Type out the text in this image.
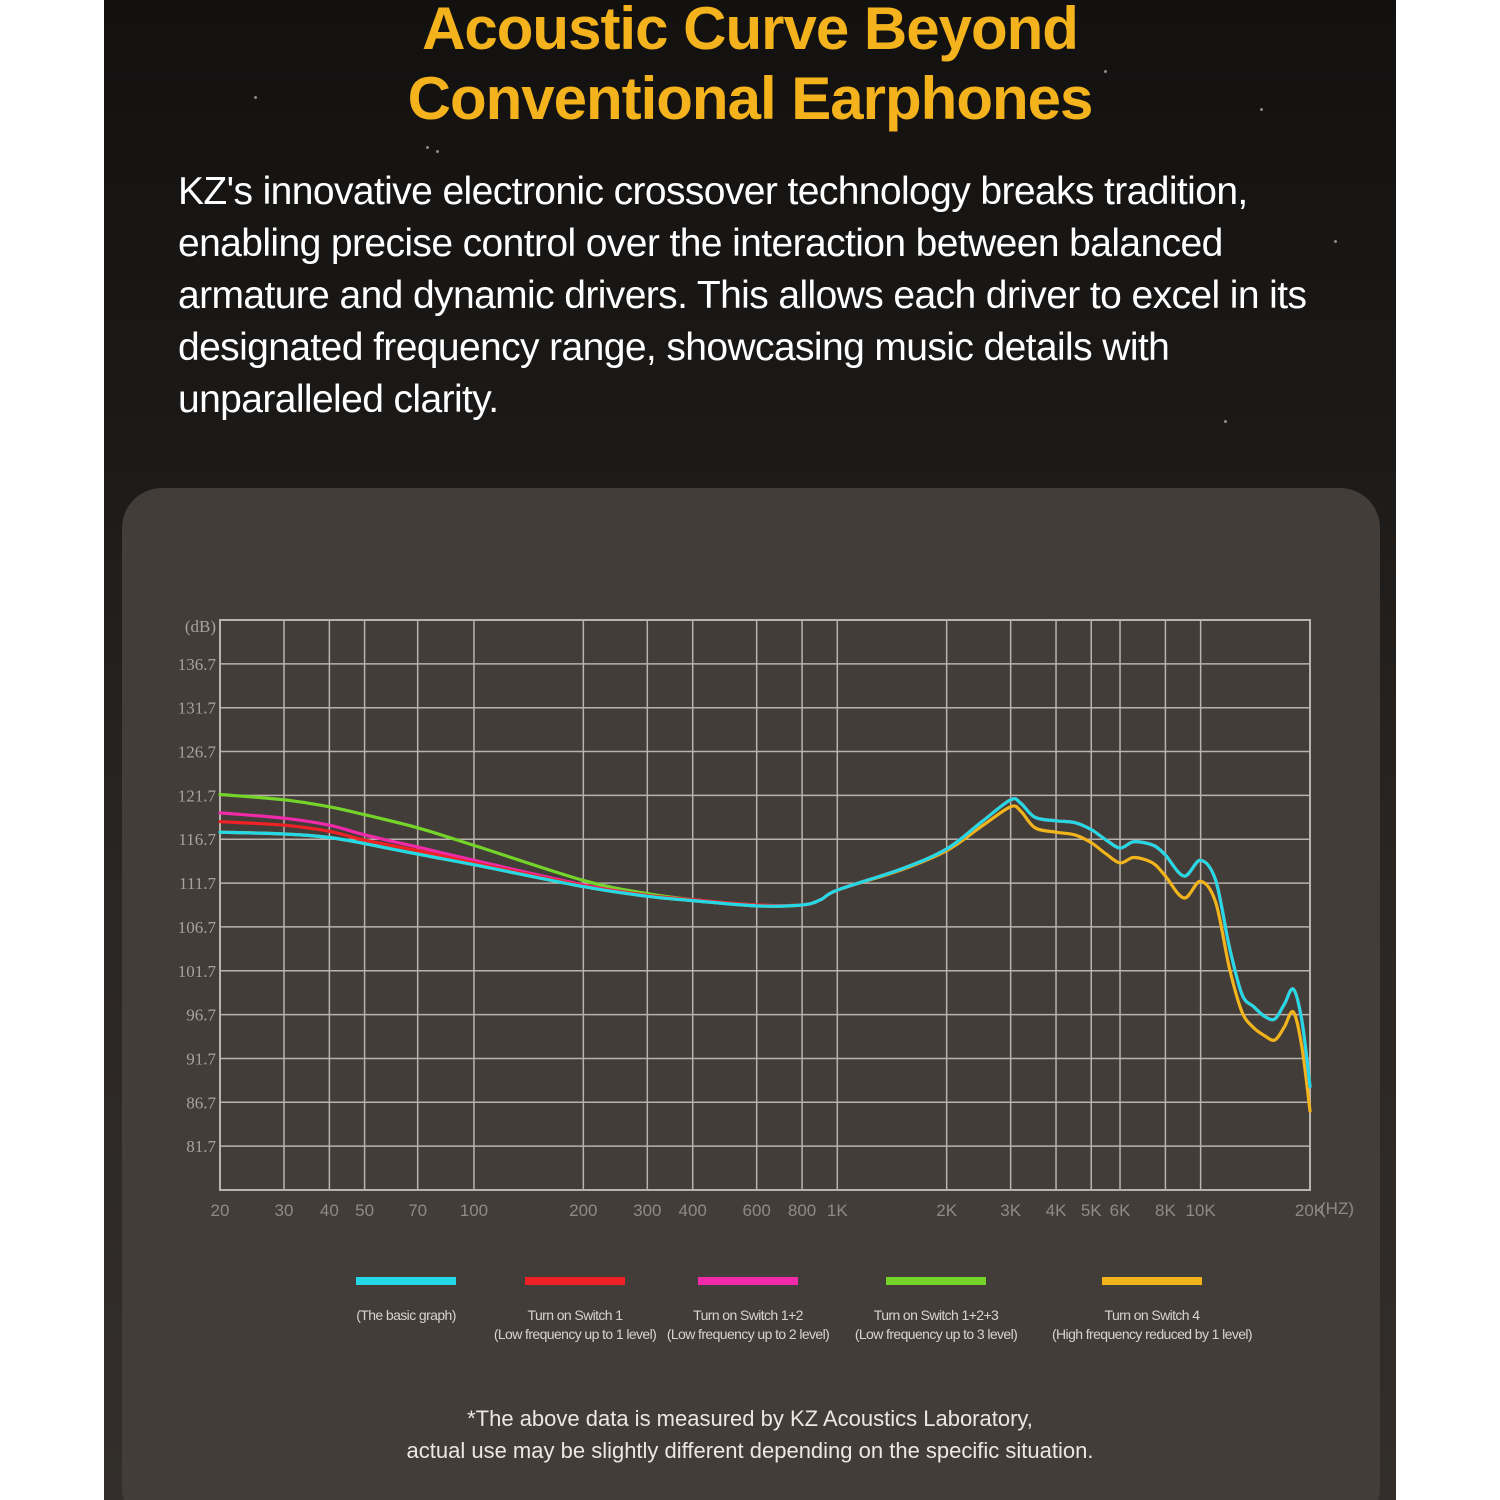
Acoustic Curve Beyond
Conventional Earphones
KZ's innovative electronic crossover technology breaks tradition, enabling precise control over the interaction between balanced armature and dynamic drivers. This allows each driver to excel in its designated frequency range, showcasing music details with unparalleled clarity.
136.7
131.7
126.7
121.7
116.7
111.7
106.7
101.7
96.7
91.7
86.7
81.7
(dB)
20	30 40 50 70 100	200 300 400 600 800 1K	2K	3K 4K 5K 6K 8K 10K	20K
(HZ)
(The basic graph)	Turn on Switch 1
(Low frequency up to 1 level)
Turn on Switch 1+2
(Low frequency up to 2 level)
Turn on Switch 1+2+3
(Low frequency up to 3 level)
Turn on Switch 4
(High frequency reduced by 1 level)
*The above data is measured by KZ Acoustics Laboratory,
actual use may be slightly different depending on the specific situation.
